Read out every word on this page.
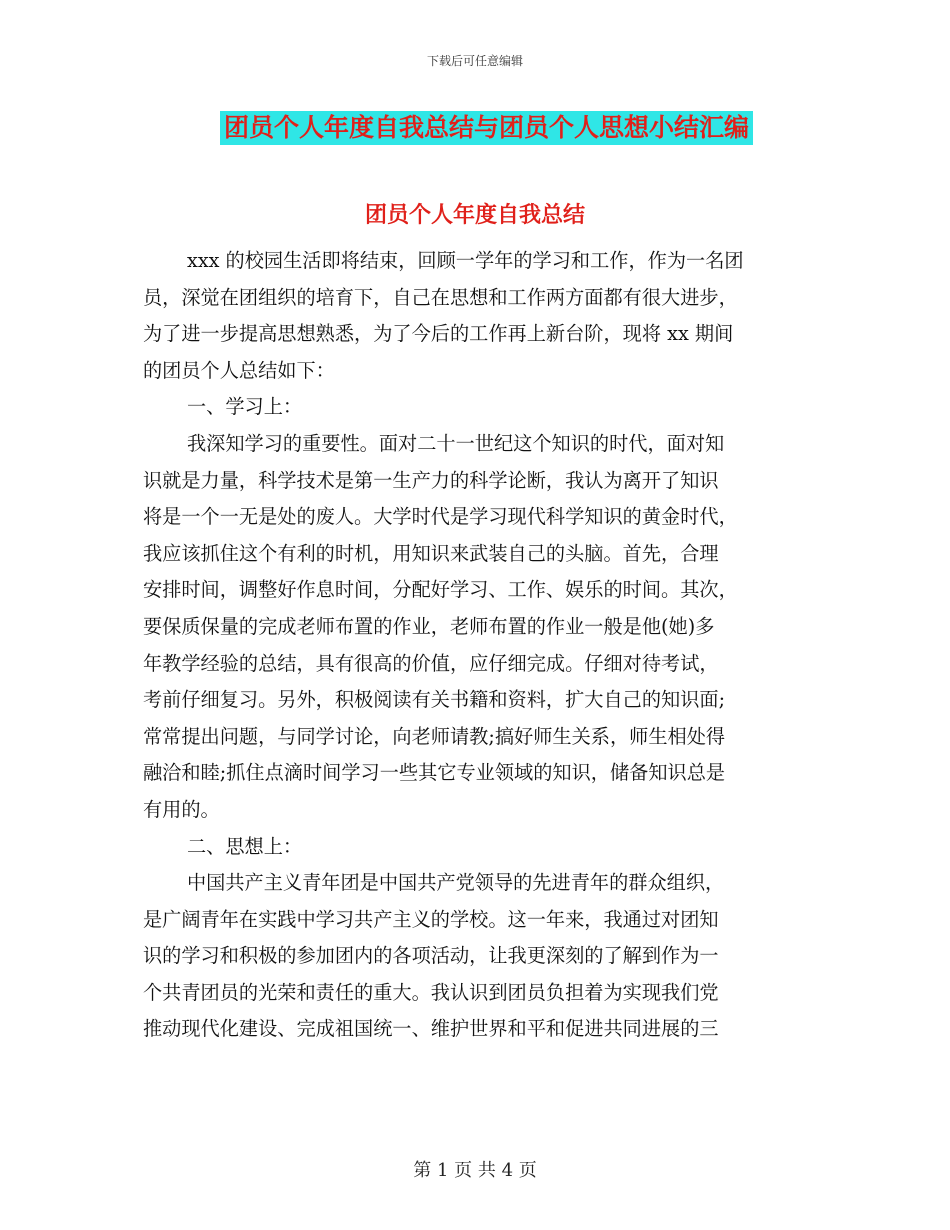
下载后可任意编辑
团员个人年度自我总结与团员个人思想小结汇编
团员个人年度自我总结
xxx 的校园生活即将结束，回顾一学年的学习和工作，作为一名团
员，深觉在团组织的培育下，自己在思想和工作两方面都有很大进步，
为了进一步提高思想熟悉，为了今后的工作再上新台阶，现将 xx 期间
的团员个人总结如下：
一、学习上：
我深知学习的重要性。面对二十一世纪这个知识的时代，面对知
识就是力量，科学技术是第一生产力的科学论断，我认为离开了知识
将是一个一无是处的废人。大学时代是学习现代科学知识的黄金时代，
我应该抓住这个有利的时机，用知识来武装自己的头脑。首先，合理
安排时间，调整好作息时间，分配好学习、工作、娱乐的时间。其次，
要保质保量的完成老师布置的作业，老师布置的作业一般是他(她)多
年教学经验的总结，具有很高的价值，应仔细完成。仔细对待考试，
考前仔细复习。另外，积极阅读有关书籍和资料，扩大自己的知识面;
常常提出问题，与同学讨论，向老师请教;搞好师生关系，师生相处得
融洽和睦;抓住点滴时间学习一些其它专业领域的知识，储备知识总是
有用的。
二、思想上：
中国共产主义青年团是中国共产党领导的先进青年的群众组织，
是广阔青年在实践中学习共产主义的学校。这一年来，我通过对团知
识的学习和积极的参加团内的各项活动，让我更深刻的了解到作为一
个共青团员的光荣和责任的重大。我认识到团员负担着为实现我们党
推动现代化建设、完成祖国统一、维护世界和平和促进共同进展的三
第 1 页 共 4 页
